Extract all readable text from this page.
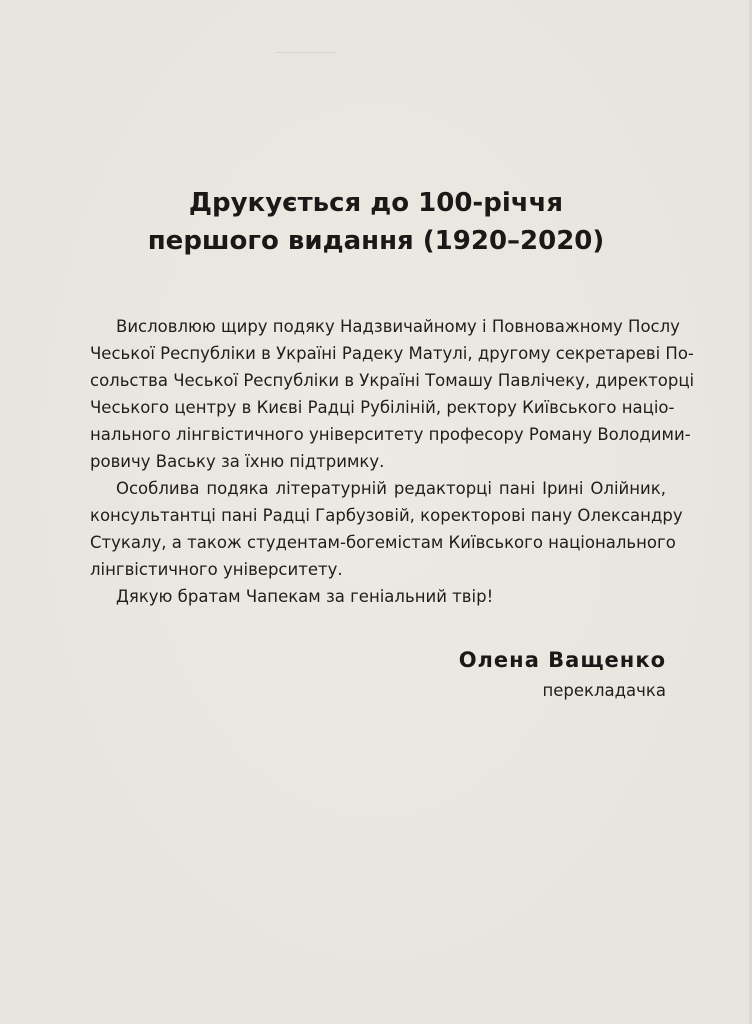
Друкується до 100-річчя
першого видання (1920–2020)
Висловлюю щиру подяку Надзвичайному і Повноважному Послу
Чеської Республіки в Україні Радеку Матулі, другому секретареві По-
сольства Чеської Республіки в Україні Томашу Павлічеку, директорці
Чеського центру в Києві Радці Рубіліній, ректору Київського націо-
нального лінгвістичного університету професору Роману Володими-
ровичу Ваську за їхню підтримку.
Особлива подяка літературній редакторці пані Ірині Олійник,
консультантці пані Радці Гарбузовій, коректорові пану Олександру
Стукалу, а також студентам-богемістам Київського національного
лінгвістичного університету.
Дякую братам Чапекам за геніальний твір!
Олена Ващенко
перекладачка
